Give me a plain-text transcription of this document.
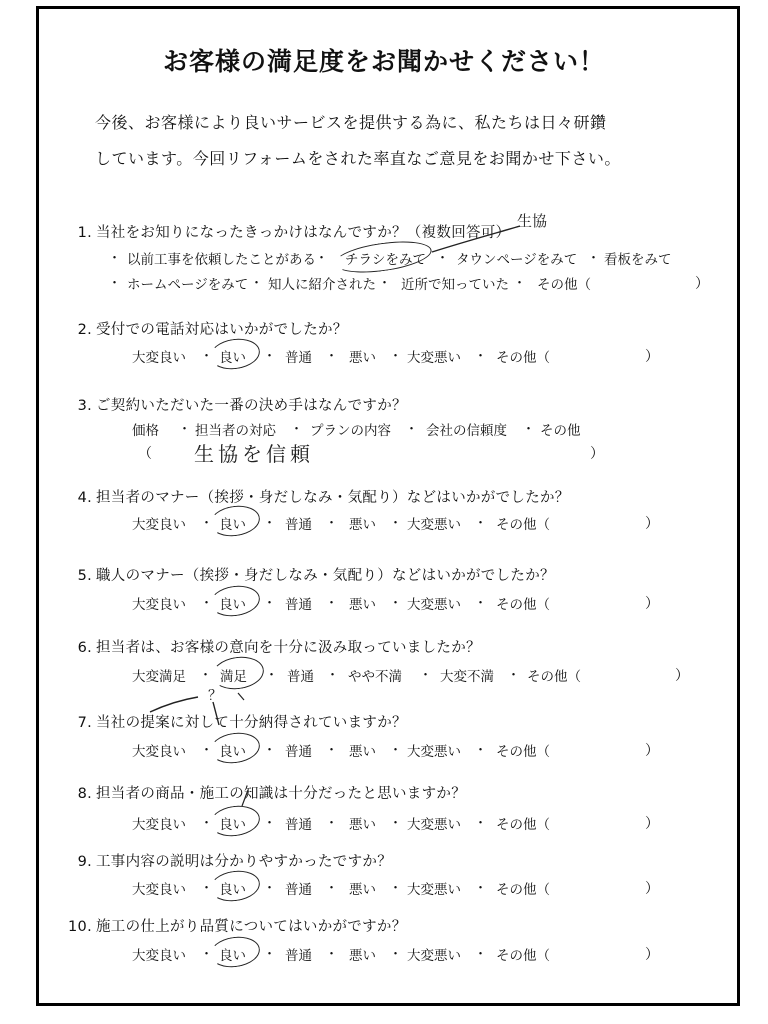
お客様の満足度をお聞かせください！
今後、お客様により良いサービスを提供する為に、私たちは日々研鑽
しています。今回リフォームをされた率直なご意見をお聞かせ下さい。
1. 当社をお知りになったきっかけはなんですか？（複数回答可）
生協
・ 以前工事を依頼したことがある ・ チラシをみて ・ タウンページをみて ・ 看板をみて
・ ホームページをみて ・ 知人に紹介された ・ 近所で知っていた ・ その他（	）
2. 受付での電話対応はいかがでしたか？
大変良い ・ 良い ・ 普通 ・ 悪い ・ 大変悪い ・ その他（	）
3. ご契約いただいた一番の決め手はなんですか？
価格 ・ 担当者の対応 ・ プランの内容 ・ 会社の信頼度 ・ その他
（ 生協を信頼	）
4. 担当者のマナー（挨拶・身だしなみ・気配り）などはいかがでしたか？
大変良い ・ 良い ・ 普通 ・ 悪い ・ 大変悪い ・ その他（	）
5. 職人のマナー（挨拶・身だしなみ・気配り）などはいかがでしたか？
大変良い ・ 良い ・ 普通 ・ 悪い ・ 大変悪い ・ その他（	）
6. 担当者は、お客様の意向を十分に汲み取っていましたか？
大変満足 ・ 満足 ・ 普通 ・ やや不満 ・ 大変不満 ・ その他（	）
？
7. 当社の提案に対して十分納得されていますか？
大変良い ・ 良い ・ 普通 ・ 悪い ・ 大変悪い ・ その他（	）
8. 担当者の商品・施工の知識は十分だったと思いますか？
大変良い ・ 良い ・ 普通 ・ 悪い ・ 大変悪い ・ その他（	）
9. 工事内容の説明は分かりやすかったですか？
大変良い ・ 良い ・ 普通 ・ 悪い ・ 大変悪い ・ その他（	）
10. 施工の仕上がり品質についてはいかがですか？
大変良い ・ 良い ・ 普通 ・ 悪い ・ 大変悪い ・ その他（	）
